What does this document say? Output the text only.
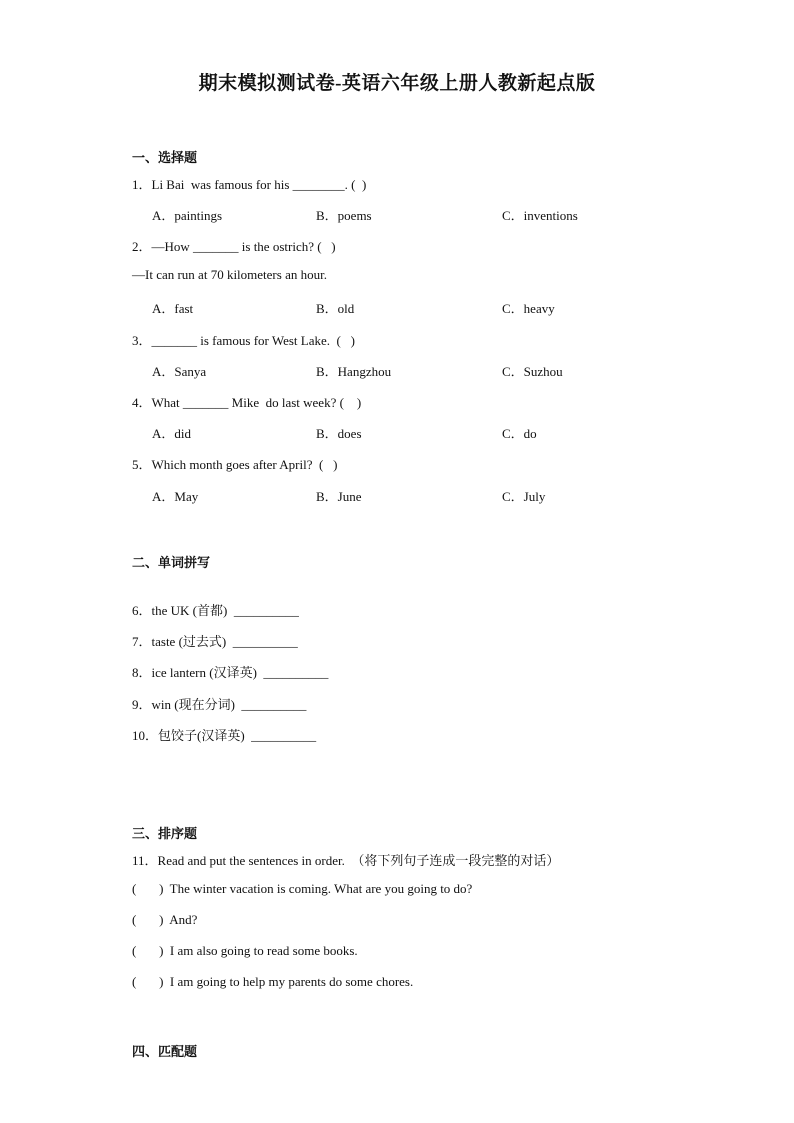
期末模拟测试卷-英语六年级上册人教新起点版
一、选择题
1．Li Bai  was famous for his ________. (  )
A．paintings	B．poems	C．inventions
2．—How _______ is the ostrich? (   )
—It can run at 70 kilometers an hour.
A．fast	B．old	C．heavy
3．_______ is famous for West Lake.  (   )
A．Sanya	B．Hangzhou	C．Suzhou
4．What _______ Mike  do last week? (    )
A．did	B．does	C．do
5．Which month goes after April?  (   )
A．May	B．June	C．July
二、单词拼写
6．the UK (首都)  __________
7．taste (过去式)  __________
8．ice lantern (汉译英)  __________
9．win (现在分词)  __________
10．包饺子(汉译英)  __________
三、排序题
11．Read and put the sentences in order.  （将下列句子连成一段完整的对话）
(       )  The winter vacation is coming. What are you going to do?
(       )  And?
(       )  I am also going to read some books.
(       )  I am going to help my parents do some chores.
四、匹配题
